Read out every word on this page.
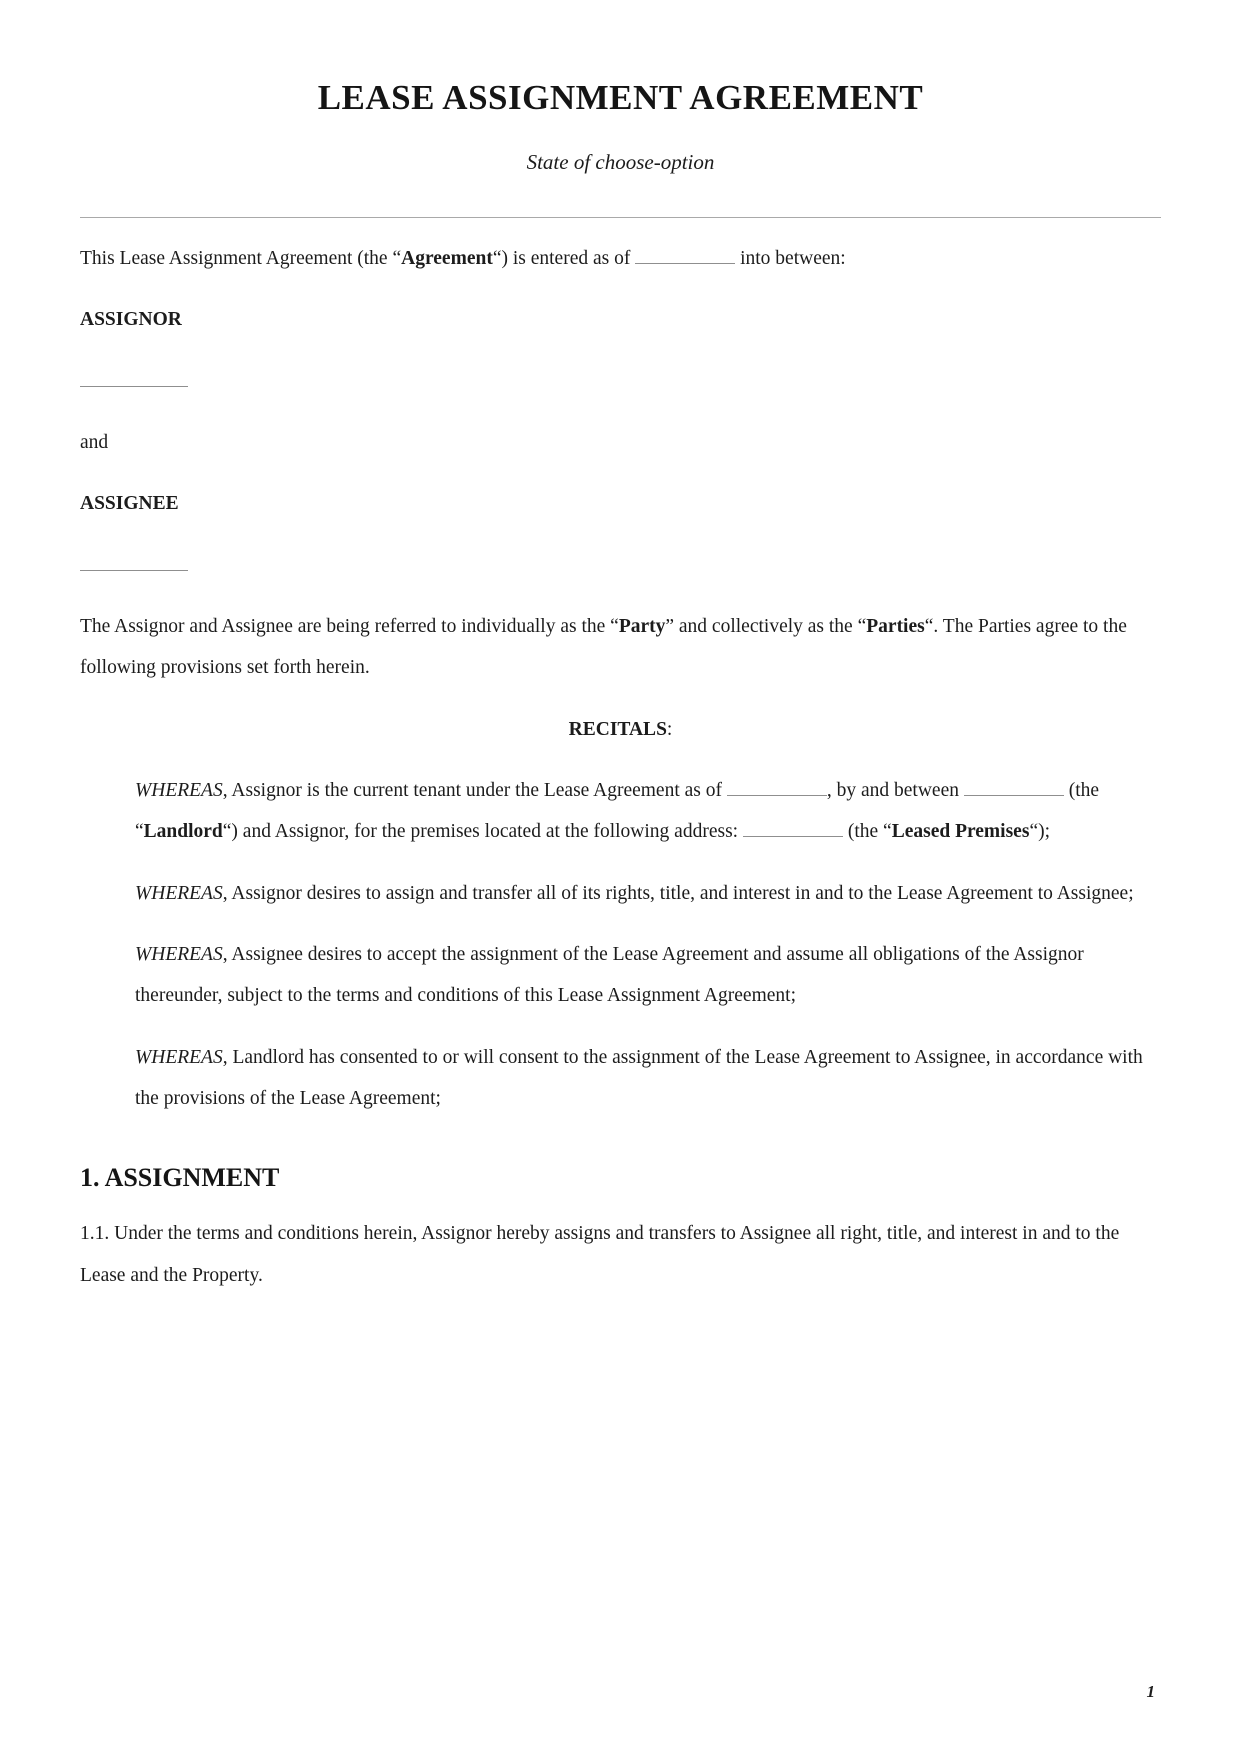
LEASE ASSIGNMENT AGREEMENT
State of choose-option

This Lease Assignment Agreement (the “Agreement“) is entered as of	into between:

ASSIGNOR

and

ASSIGNEE

The Assignor and Assignee are being referred to individually as the “Party” and collectively as the “Parties“. The Parties agree to the following provisions set forth herein.

RECITALS:

WHEREAS, Assignor is the current tenant under the Lease Agreement as of	, by and between	(the “Landlord“) and Assignor, for the premises located at the following address:	(the “Leased Premises“);

WHEREAS, Assignor desires to assign and transfer all of its rights, title, and interest in and to the Lease Agreement to Assignee;

WHEREAS, Assignee desires to accept the assignment of the Lease Agreement and assume all obligations of the Assignor thereunder, subject to the terms and conditions of this Lease Assignment Agreement;

WHEREAS, Landlord has consented to or will consent to the assignment of the Lease Agreement to Assignee, in accordance with the provisions of the Lease Agreement;

1. ASSIGNMENT

1.1. Under the terms and conditions herein, Assignor hereby assigns and transfers to Assignee all right, title, and interest in and to the Lease and the Property.

1
